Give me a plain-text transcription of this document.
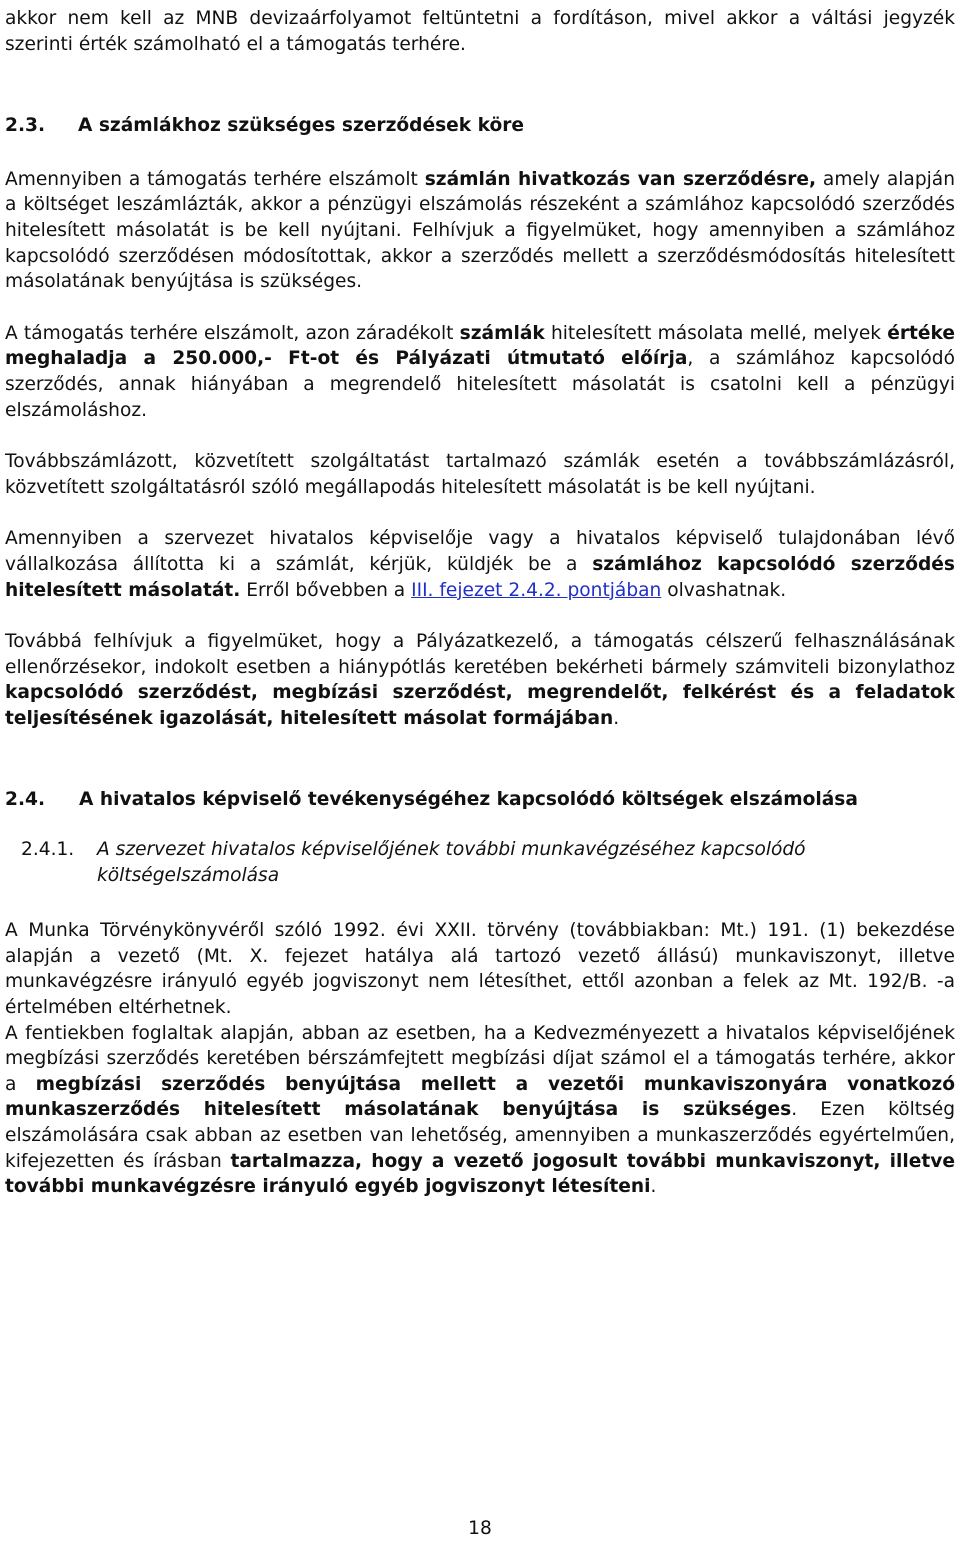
akkor nem kell az MNB devizaárfolyamot feltüntetni a fordításon, mivel akkor a váltási jegyzék szerinti érték számolható el a támogatás terhére.

2.3.	A számlákhoz szükséges szerződések köre

Amennyiben a támogatás terhére elszámolt számlán hivatkozás van szerződésre, amely alapján a költséget leszámlázták, akkor a pénzügyi elszámolás részeként a számlához kapcsolódó szerződés hitelesített másolatát is be kell nyújtani. Felhívjuk a figyelmüket, hogy amennyiben a számlához kapcsolódó szerződésen módosítottak, akkor a szerződés mellett a szerződésmódosítás hitelesített másolatának benyújtása is szükséges.

A támogatás terhére elszámolt, azon záradékolt számlák hitelesített másolata mellé, melyek értéke meghaladja a 250.000,- Ft-ot és Pályázati útmutató előírja, a számlához kapcsolódó szerződés, annak hiányában a megrendelő hitelesített másolatát is csatolni kell a pénzügyi elszámoláshoz.

Továbbszámlázott, közvetített szolgáltatást tartalmazó számlák esetén a továbbszámlázásról, közvetített szolgáltatásról szóló megállapodás hitelesített másolatát is be kell nyújtani.

Amennyiben a szervezet hivatalos képviselője vagy a hivatalos képviselő tulajdonában lévő vállalkozása állította ki a számlát, kérjük, küldjék be a számlához kapcsolódó szerződés hitelesített másolatát. Erről bővebben a III. fejezet 2.4.2. pontjában olvashatnak.

Továbbá felhívjuk a figyelmüket, hogy a Pályázatkezelő, a támogatás célszerű felhasználásának ellenőrzésekor, indokolt esetben a hiánypótlás keretében bekérheti bármely számviteli bizonylathoz kapcsolódó szerződést, megbízási szerződést, megrendelőt, felkérést és a feladatok teljesítésének igazolását, hitelesített másolat formájában.

2.4.	A hivatalos képviselő tevékenységéhez kapcsolódó költségek elszámolása
2.4.1.	A szervezet hivatalos képviselőjének további munkavégzéséhez kapcsolódó költségelszámolása

A Munka Törvénykönyvéről szóló 1992. évi XXII. törvény (továbbiakban: Mt.) 191. (1) bekezdése alapján a vezető (Mt. X. fejezet hatálya alá tartozó vezető állású) munkaviszonyt, illetve munkavégzésre irányuló egyéb jogviszonyt nem létesíthet, ettől azonban a felek az Mt. 192/B. -a értelmében eltérhetnek.

A fentiekben foglaltak alapján, abban az esetben, ha a Kedvezményezett a hivatalos képviselőjének megbízási szerződés keretében bérszámfejtett megbízási díjat számol el a támogatás terhére, akkor a megbízási szerződés benyújtása mellett a vezetői munkaviszonyára vonatkozó munkaszerződés hitelesített másolatának benyújtása is szükséges. Ezen költség elszámolására csak abban az esetben van lehetőség, amennyiben a munkaszerződés egyértelműen, kifejezetten és írásban tartalmazza, hogy a vezető jogosult további munkaviszonyt, illetve további munkavégzésre irányuló egyéb jogviszonyt létesíteni.

18
